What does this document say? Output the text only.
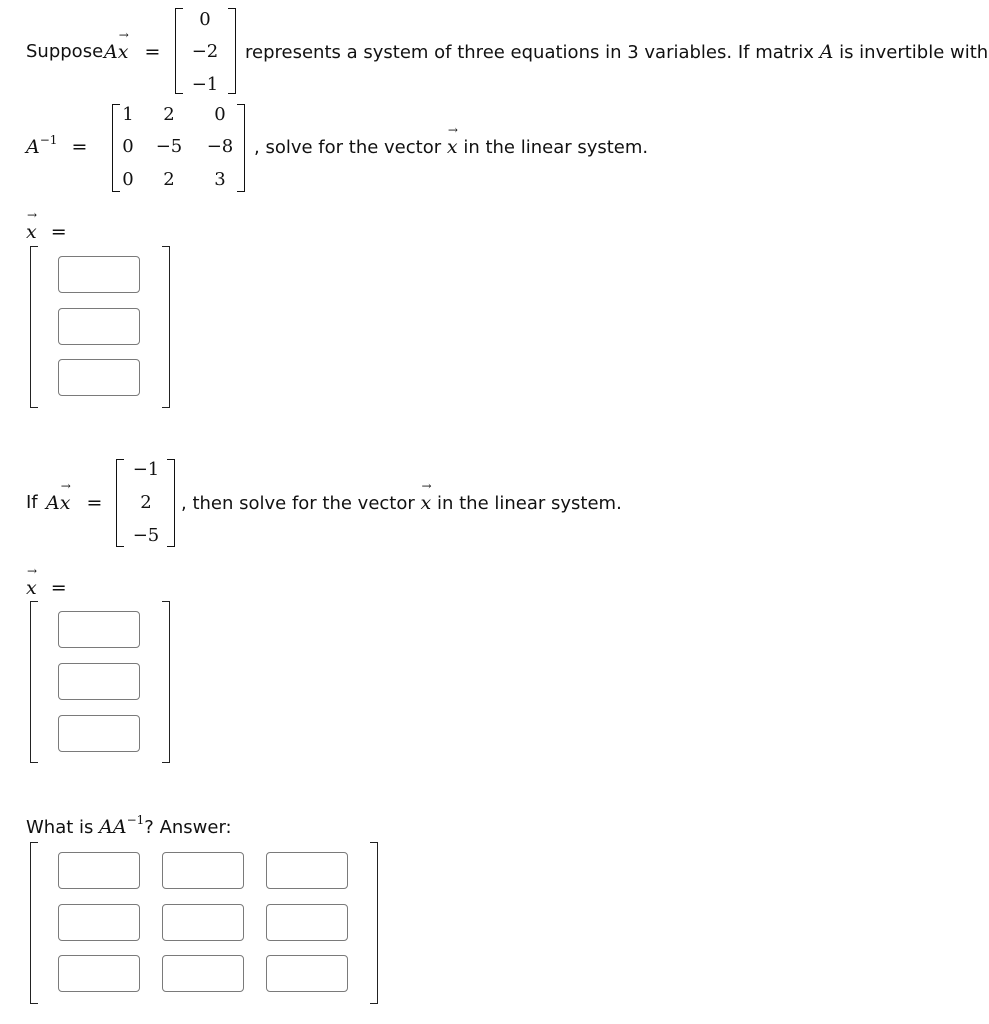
Suppose A→ x =
0
−2
−1
represents a system of three equations in 3 variables. If matrix A is invertible with
$A^{-1}$ =
1	2	0
0	−5	−8
0	2	3
, solve for the vector → x in the linear system.
→ x =
If A→ x =
−1
2
−5
, then solve for the vector → x in the linear system.
→ x =
What is $AA^{-1}$? Answer:
